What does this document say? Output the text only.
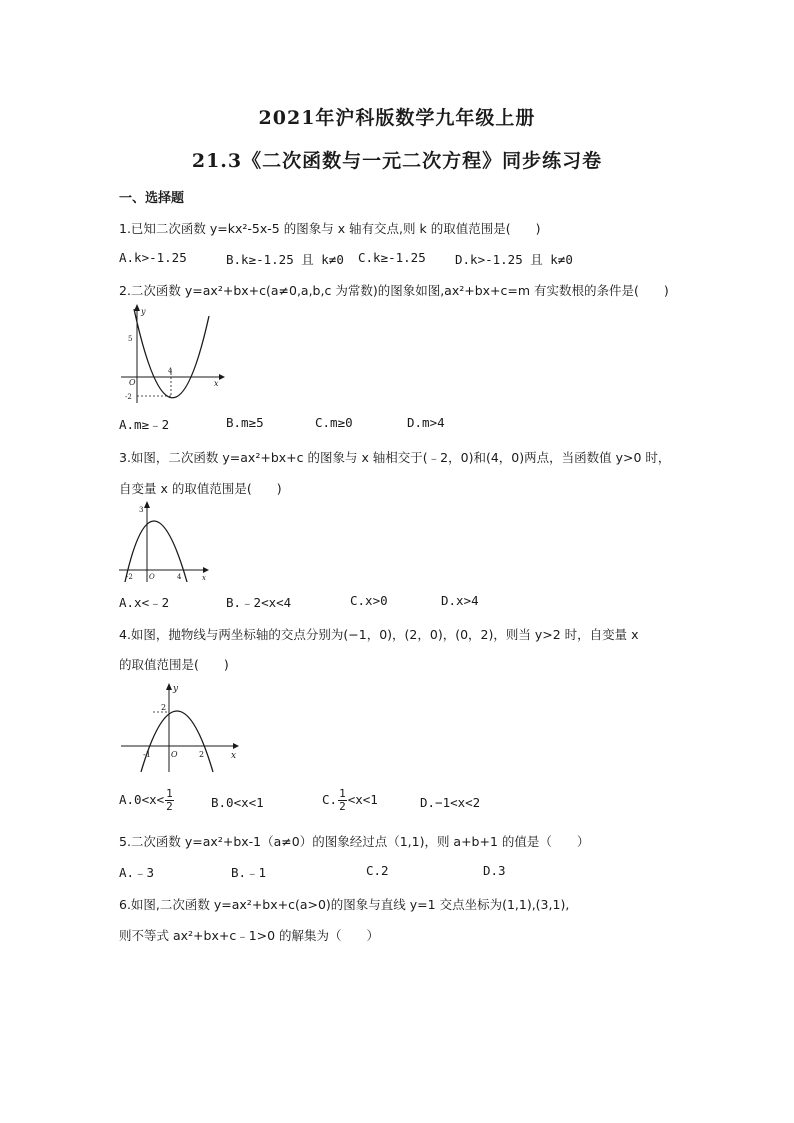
2021年沪科版数学九年级上册
21.3《二次函数与一元二次方程》同步练习卷
一、选择题
1.已知二次函数 y=kx²-5x-5 的图象与 x 轴有交点,则 k 的取值范围是(　　)
A.k>-1.25	B.k≥-1.25 且 k≠0 C.k≥-1.25 D.k>-1.25 且 k≠0
2.二次函数 y=ax²+bx+c(a≠0,a,b,c 为常数)的图象如图,ax²+bx+c=m 有实数根的条件是(　　)
y
x
O
5
-2
4
A.m≥﹣2	B.m≥5	C.m≥0	D.m>4
3.如图，二次函数 y=ax²+bx+c 的图象与 x 轴相交于(﹣2，0)和(4，0)两点，当函数值 y>0 时，
自变量 x 的取值范围是(　　)
3
-2 O	4	x
A.x<﹣2	B.﹣2<x<4	C.x>0	D.x>4
4.如图，抛物线与两坐标轴的交点分别为(−1，0)，(2，0)，(0，2)，则当 y>2 时，自变量 x
的取值范围是(　　)
y
x
2
-1	O	2
$A.0<x< \frac{1}{2}$	B.0<x<1	C. $\frac{1}{2} <x<1$	D.−1<x<2
5.二次函数 y=ax²+bx-1（a≠0）的图象经过点（1,1)，则 a+b+1 的值是（　　）
A.﹣3	B.﹣1	C.2	D.3
6.如图,二次函数 y=ax²+bx+c(a>0)的图象与直线 y=1 交点坐标为(1,1),(3,1),
则不等式 ax²+bx+c﹣1>0 的解集为（　　）
